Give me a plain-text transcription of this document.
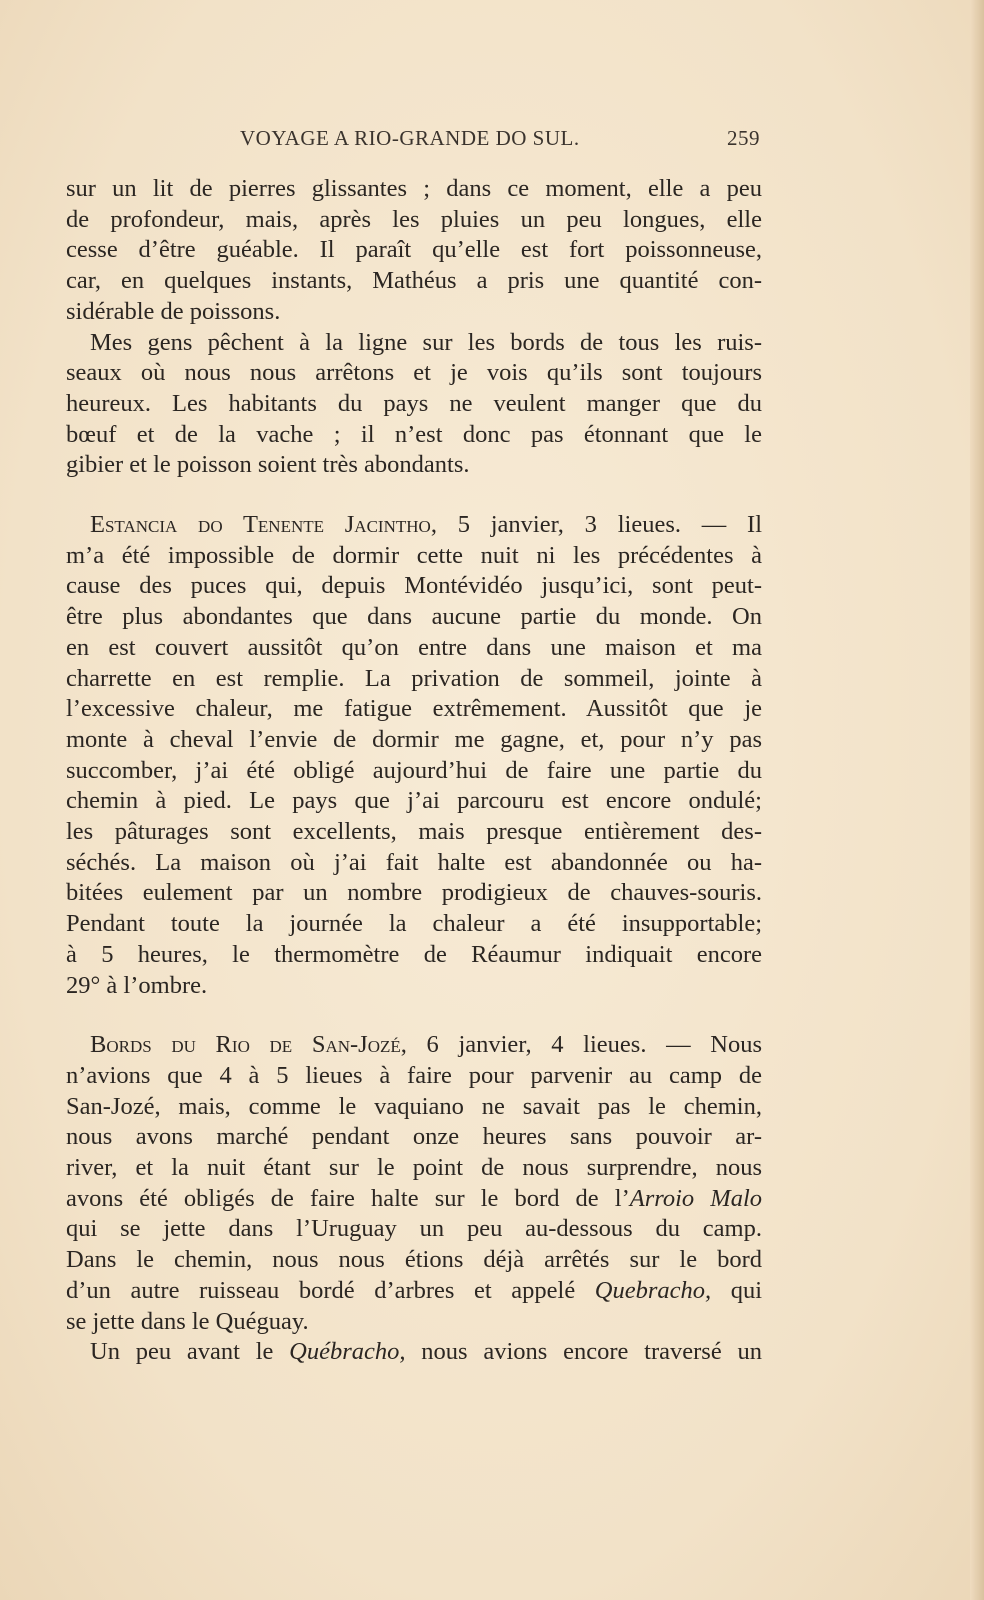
VOYAGE A RIO-GRANDE DO SUL.	259
sur un lit de pierres glissantes ; dans ce moment, elle a peu
de profondeur, mais, après les pluies un peu longues, elle
cesse d’être guéable. Il paraît qu’elle est fort poissonneuse,
car, en quelques instants, Mathéus a pris une quantité con-
sidérable de poissons.
Mes gens pêchent à la ligne sur les bords de tous les ruis-
seaux où nous nous arrêtons et je vois qu’ils sont toujours
heureux. Les habitants du pays ne veulent manger que du
bœuf et de la vache ; il n’est donc pas étonnant que le
gibier et le poisson soient très abondants.
Estancia do Tenente Jacintho, 5 janvier, 3 lieues. — Il
m’a été impossible de dormir cette nuit ni les précédentes à
cause des puces qui, depuis Montévidéo jusqu’ici, sont peut-
être plus abondantes que dans aucune partie du monde. On
en est couvert aussitôt qu’on entre dans une maison et ma
charrette en est remplie. La privation de sommeil, jointe à
l’excessive chaleur, me fatigue extrêmement. Aussitôt que je
monte à cheval l’envie de dormir me gagne, et, pour n’y pas
succomber, j’ai été obligé aujourd’hui de faire une partie du
chemin à pied. Le pays que j’ai parcouru est encore ondulé;
les pâturages sont excellents, mais presque entièrement des-
séchés. La maison où j’ai fait halte est abandonnée ou ha-
bitées eulement par un nombre prodigieux de chauves-souris.
Pendant toute la journée la chaleur a été insupportable;
à 5 heures, le thermomètre de Réaumur indiquait encore
29° à l’ombre.
Bords du Rio de San-Jozé, 6 janvier, 4 lieues. — Nous
n’avions que 4 à 5 lieues à faire pour parvenir au camp de
San-Jozé, mais, comme le vaquiano ne savait pas le chemin,
nous avons marché pendant onze heures sans pouvoir ar-
river, et la nuit étant sur le point de nous surprendre, nous
avons été obligés de faire halte sur le bord de l’Arroio Malo
qui se jette dans l’Uruguay un peu au-dessous du camp.
Dans le chemin, nous nous étions déjà arrêtés sur le bord
d’un autre ruisseau bordé d’arbres et appelé Quebracho, qui
se jette dans le Quéguay.
Un peu avant le Québracho, nous avions encore traversé un
